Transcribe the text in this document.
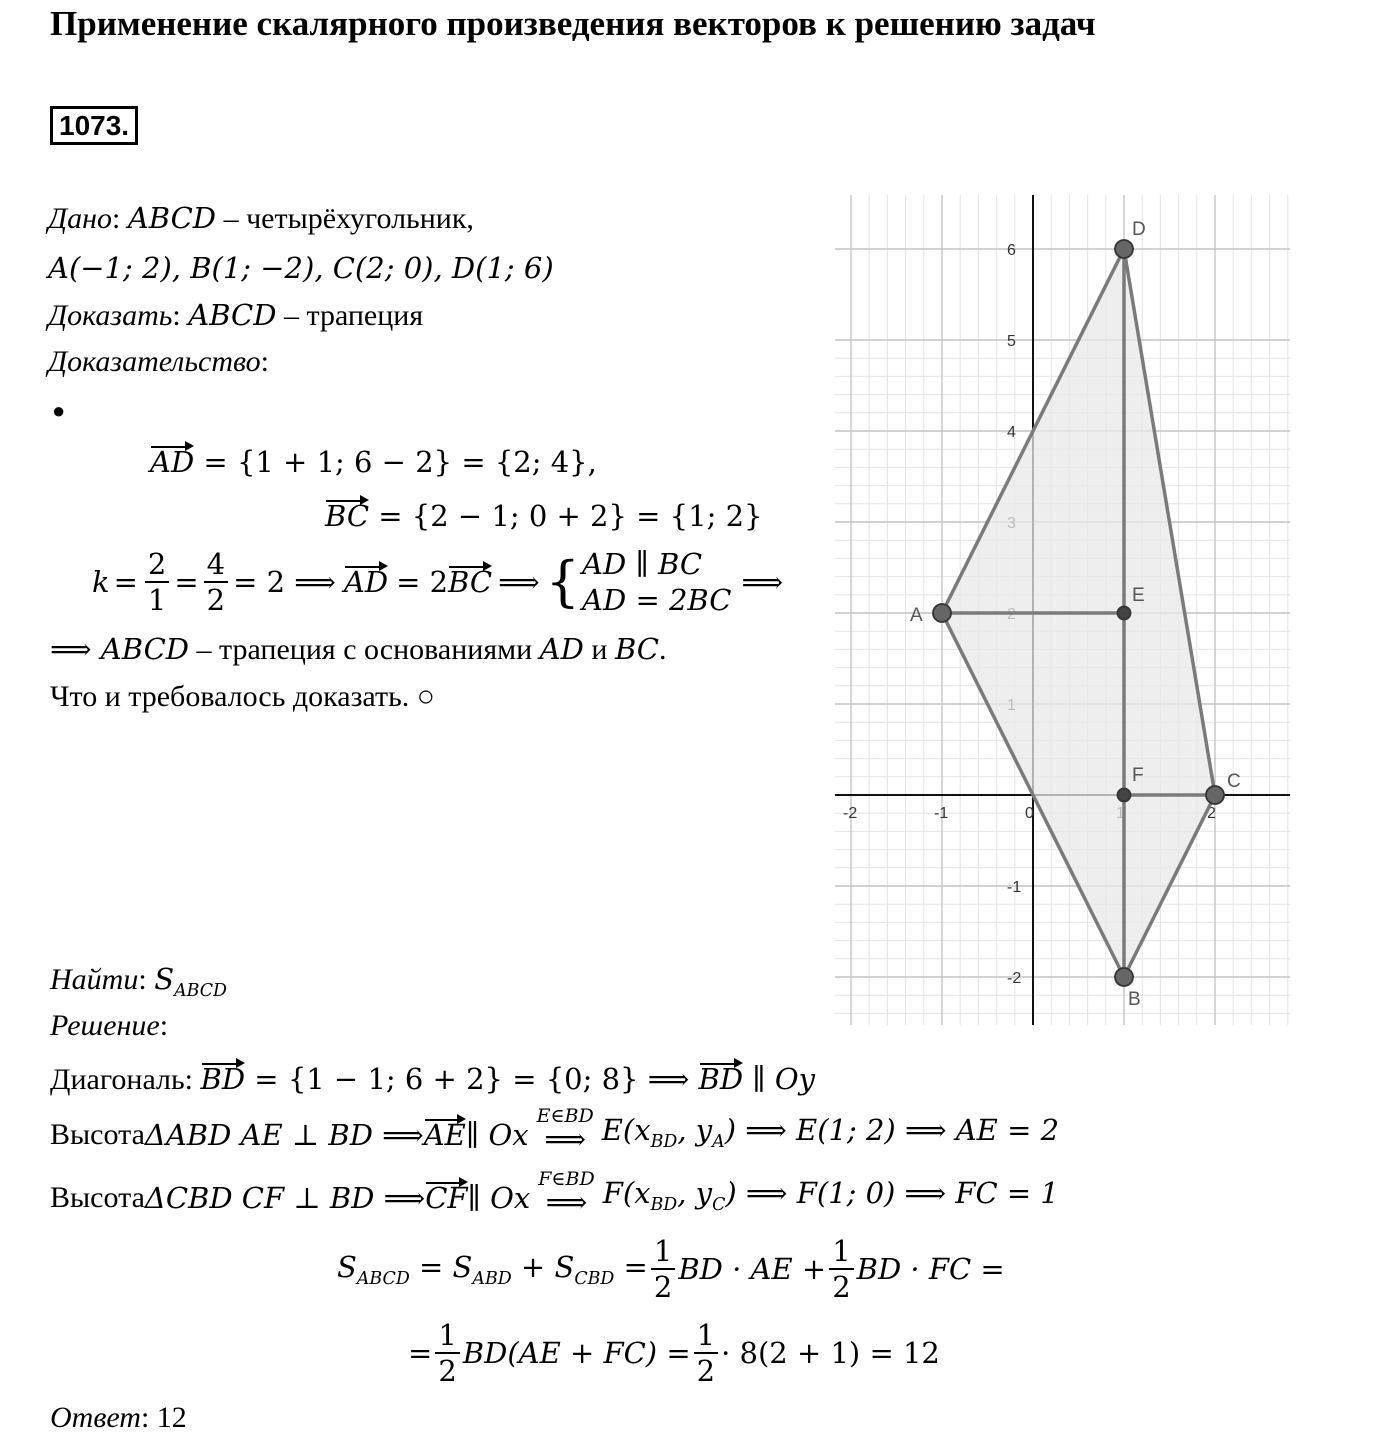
Применение скалярного произведения векторов к решению задач
1073.
Дано: ABCD – четырёхугольник,
A(−1; 2), B(1; −2), C(2; 0), D(1; 6)
Доказать: ABCD – трапеция
Доказательство:
●
AD = {1 + 1; 6 − 2} = {2; 4},
BC = {2 − 1; 0 + 2} = {1; 2}
$k = \frac{2}{1} = \frac{4}{2} = 2$ ⟹ AD = 2 BC ⟹ { AD ∥ BC
AD = 2BC
⟹
⟹ ABCD – трапеция с основаниями AD и BC.
Что и требовалось доказать. ○
Найти: $S_{ABCD}$
Решение:
Диагональ: BD = {1 − 1; 6 + 2} = {0; 8} ⟹ BD ∥ Oy
Высота ΔABD AE ⊥ BD ⟹ AE ∥ Ox
E∈BD
⟹ $E(x_{BD}$, $y_A$) ⟹ E(1; 2) ⟹ AE = 2
Высота ΔCBD CF ⊥ BD ⟹ CF ∥ Ox
F∈BD
⟹ $F(x_{BD}$, $y_C$) ⟹ F(1; 0) ⟹ FC = 1
$S_{ABCD} = S_{ABD} + S_{CBD} = \frac{1}{2}$ BD · AE + $\frac{1}{2}$ BD · FC =
= $\frac{1}{2} BD(AE + FC) = \frac{1}{2} \cdot 8(2 + 1) = 12$
Ответ: 12
-2	-1	0	2
6
5
4
-1
-2
A
B
C
D
E
F
